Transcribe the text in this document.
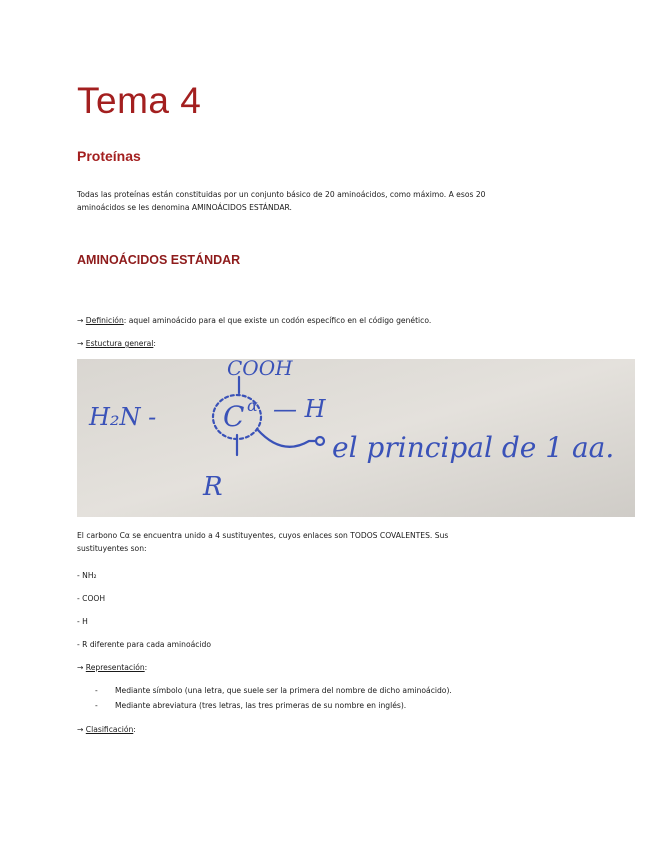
Tema 4
Proteínas
Todas las proteínas están constituidas por un conjunto básico de 20 aminoácidos, como máximo. A esos 20
aminoácidos se les denomina AMINOÁCIDOS ESTÁNDAR.
AMINOÁCIDOS ESTÁNDAR
→ Definición: aquel aminoácido para el que existe un codón específico en el código genético.
→ Estuctura general:
El carbono Cα se encuentra unido a 4 sustituyentes, cuyos enlaces son TODOS COVALENTES. Sus
sustituyentes son:
- NH₂
- COOH
- H
- R diferente para cada aminoácido
→ Representación:
- Mediante símbolo (una letra, que suele ser la primera del nombre de dicho aminoácido).
- Mediante abreviatura (tres letras, las tres primeras de su nombre en inglés).
→ Clasificación:
COOH
H₂N - C α — H
R
el principal de 1 aa.
